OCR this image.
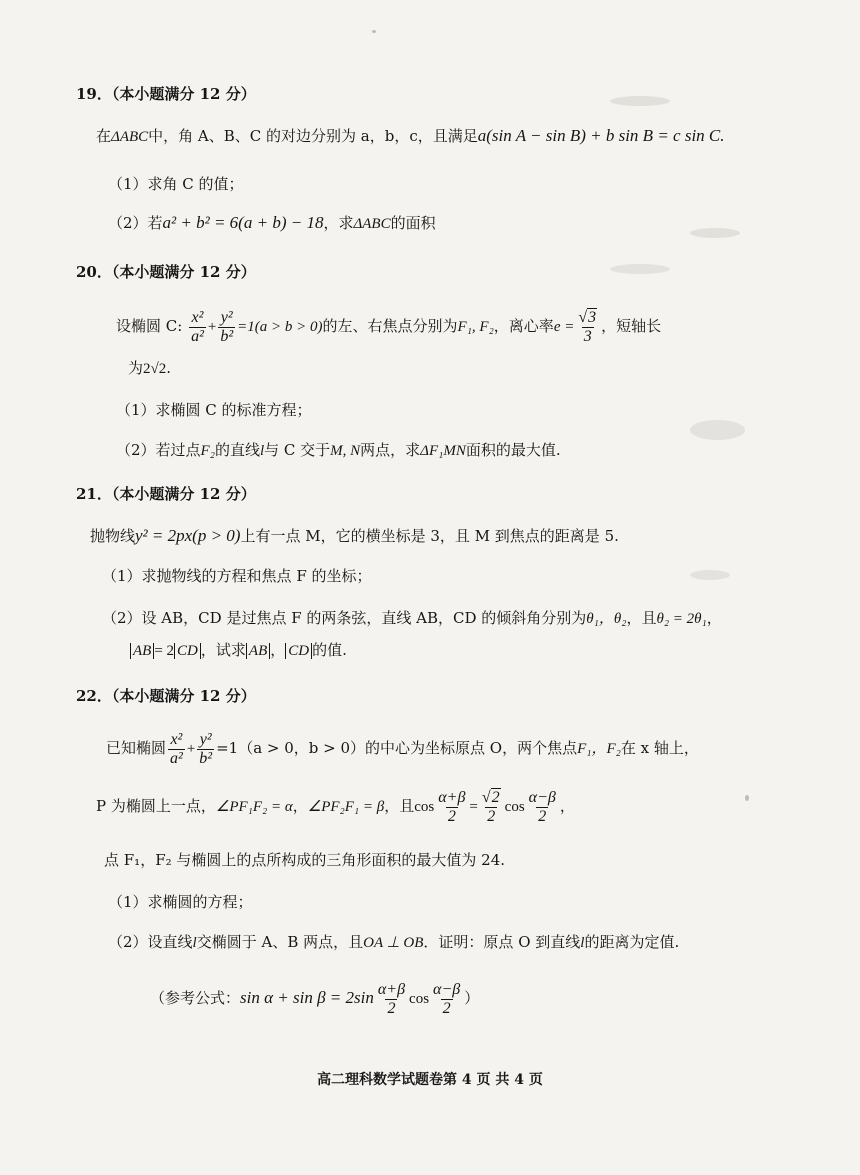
19．（本小题满分 12 分）
在ΔABC中，角 A、B、C 的对边分别为 a，b，c，且满足a(sin A − sin B) + b sin B = c sin C.
（1）求角 C 的值；
（2）若a² + b² = 6(a + b) − 18，求ΔABC的面积
20．（本小题满分 12 分）
设椭圆 C: $\frac{\text{x²}}{\text{a²}} + \frac{\text{y²}}{\text{b²}} =1(a > b > 0)$的左、右焦点分别为F₁, F₂，离心率$e = \frac{√3}{3}$ ，短轴长
为2√2.
（1）求椭圆 C 的标准方程；
（2）若过点F₂的直线l与 C 交于M, N两点，求ΔF₁MN面积的最大值.
21．（本小题满分 12 分）
抛物线y² = 2px(p > 0)上有一点 M，它的横坐标是 3，且 M 到焦点的距离是 5.
（1）求抛物线的方程和焦点 F 的坐标；
（2）设 AB，CD 是过焦点 F 的两条弦，直线 AB，CD 的倾斜角分别为θ₁，θ₂，且θ₂ = 2θ₁，
AB = 2 CD ，试求 AB ， CD 的值.
22．（本小题满分 12 分）
已知椭圆 $\frac{\text{x²}}{\text{a²}} + \frac{\text{y²}}{\text{b²}} =1(a > 0$，b > 0）的中心为坐标原点 O，两个焦点F₁，F₂在 x 轴上，
P 为椭圆上一点，∠PF₁F₂ = α，∠PF₂F₁ = β，且$\cos \frac{\alpha+\beta}{2} = \frac{√2}{2}$ $\cos \frac{\alpha-\beta}{2}$ ，
点 F₁，F₂ 与椭圆上的点所构成的三角形面积的最大值为 24.
（1）求椭圆的方程；
（2）设直线l交椭圆于 A、B 两点，且OA ⊥ OB．证明：原点 O 到直线l的距离为定值.
（参考公式：$\sin \alpha + \sin \beta = 2\sin \frac{\alpha+\beta}{2}$ $\cos \frac{\alpha-\beta}{2}$ ）
高二理科数学试题卷第 4 页 共 4 页
